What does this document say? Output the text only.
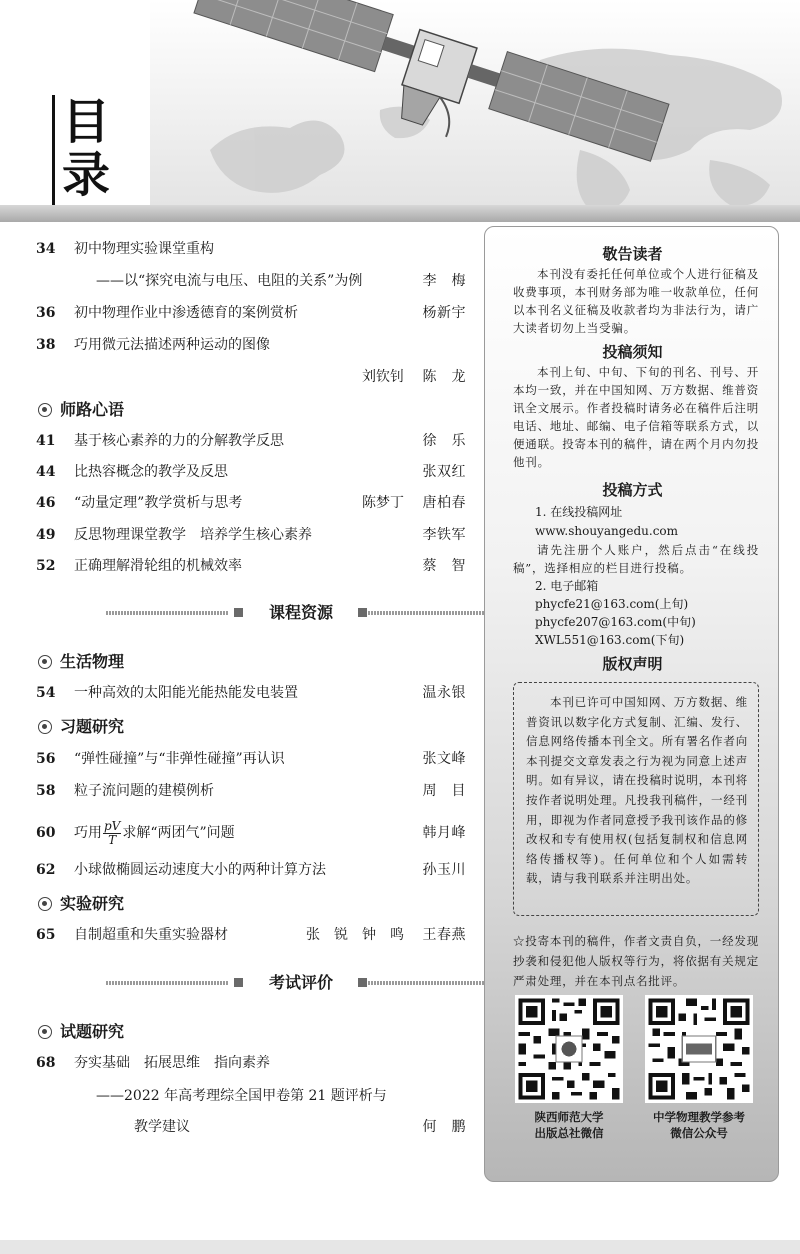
目录
34 初中物理实验课堂重构
——以“探究电流与电压、电阻的关系”为例	李　梅
36 初中物理作业中渗透德育的案例赏析	杨新宇
38 巧用微元法描述两种运动的图像
刘钦钊 陈　龙
师路心语
41 基于核心素养的力的分解教学反思	徐　乐
44 比热容概念的教学及反思	张双红
46 “动量定理”教学赏析与思考	陈梦丁 唐柏春
49 反思物理课堂教学　培养学生核心素养	李铁军
52 正确理解滑轮组的机械效率	蔡　智
课程资源
生活物理
54 一种高效的太阳能光能热能发电装置	温永银
习题研究
56 “弹性碰撞”与“非弹性碰撞”再认识	张文峰
58 粒子流问题的建模例析	周　目
60 巧用 pV
T 求解“两团气”问题	韩月峰
62 小球做椭圆运动速度大小的两种计算方法	孙玉川
实验研究
65 自制超重和失重实验器材	张　锐　钟　鸣 王春燕
考试评价
试题研究
68 夯实基础　拓展思维　指向素养
——2022 年高考理综全国甲卷第 21 题评析与
教学建议	何　鹏
敬告读者
本刊没有委托任何单位或个人进行征稿及收费事项，本刊财务部为唯一收款单位，任何以本刊名义征稿及收款者均为非法行为，请广大读者切勿上当受骗。
投稿须知
本刊上旬、中旬、下旬的刊名、刊号、开本均一致，并在中国知网、万方数据、维普资讯全文展示。作者投稿时请务必在稿件后注明电话、地址、邮编、电子信箱等联系方式，以便通联。投寄本刊的稿件，请在两个月内勿投他刊。
投稿方式
1. 在线投稿网址
www.shouyangedu.com
请先注册个人账户，然后点击“在线投稿”，选择相应的栏目进行投稿。
2. 电子邮箱
phycfe21@163.com(上旬)
phycfe207@163.com(中旬)
XWL551@163.com(下旬)
版权声明
本刊已许可中国知网、万方数据、维普资讯以数字化方式复制、汇编、发行、信息网络传播本刊全文。所有署名作者向本刊提交文章发表之行为视为同意上述声明。如有异议，请在投稿时说明，本刊将按作者说明处理。凡投我刊稿件，一经刊用，即视为作者同意授予我刊该作品的修改权和专有使用权(包括复制权和信息网络传播权等)。任何单位和个人如需转载，请与我刊联系并注明出处。
☆投寄本刊的稿件，作者文责自负，一经发现抄袭和侵犯他人版权等行为，将依据有关规定严肃处理，并在本刊点名批评。
陕西师范大学
出版总社微信
中学物理教学参考
微信公众号
